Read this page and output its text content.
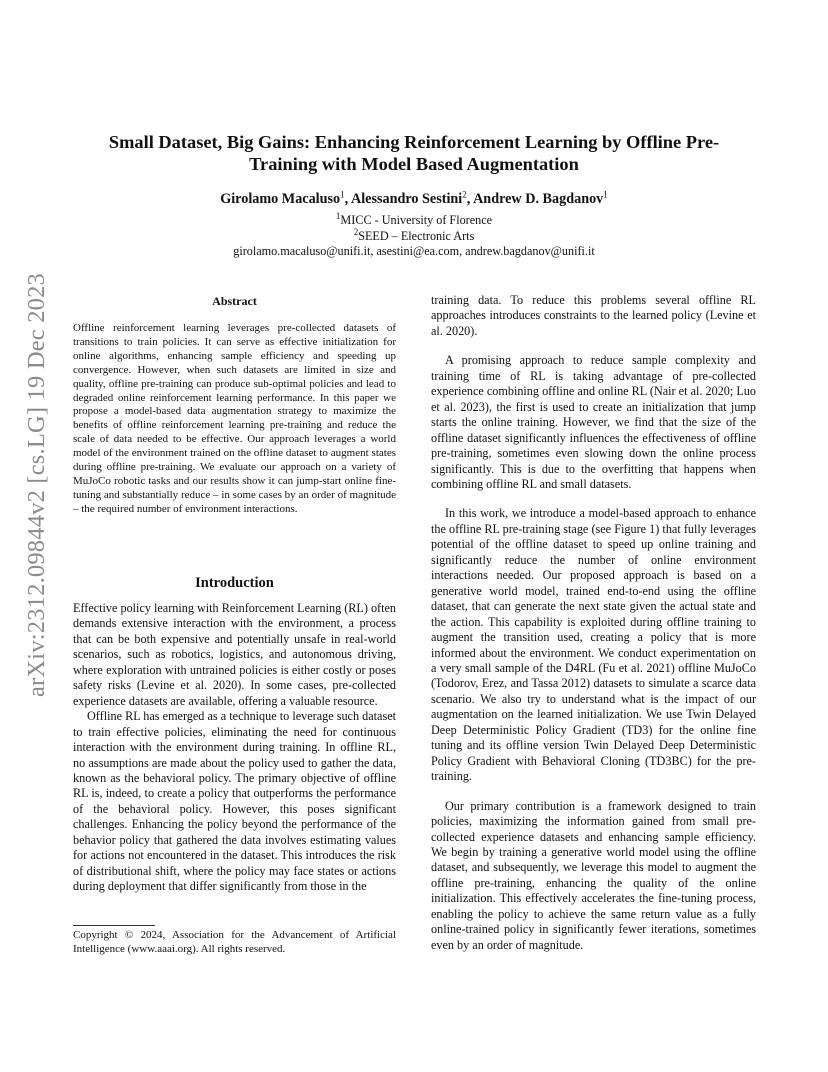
arXiv:2312.09844v2 [cs.LG] 19 Dec 2023
Small Dataset, Big Gains: Enhancing Reinforcement Learning by Offline Pre-Training with Model Based Augmentation
Girolamo Macaluso$^1$, Alessandro Sestini$^2$, Andrew D. Bagdanov$^1$
$^1$MICC - University of Florence
$^2$SEED – Electronic Arts
girolamo.macaluso@unifi.it, asestini@ea.com, andrew.bagdanov@unifi.it
Abstract

Offline reinforcement learning leverages pre-collected datasets of transitions to train policies. It can serve as effective initialization for online algorithms, enhancing sample efficiency and speeding up convergence. However, when such datasets are limited in size and quality, offline pre-training can produce sub-optimal policies and lead to degraded online reinforcement learning performance. In this paper we propose a model-based data augmentation strategy to maximize the benefits of offline reinforcement learning pre-training and reduce the scale of data needed to be effective. Our approach leverages a world model of the environment trained on the offline dataset to augment states during offline pre-training. We evaluate our approach on a variety of MuJoCo robotic tasks and our results show it can jump-start online fine-tuning and substantially reduce – in some cases by an order of magnitude – the required number of environment interactions.

Introduction

Effective policy learning with Reinforcement Learning (RL) often demands extensive interaction with the environment, a process that can be both expensive and potentially unsafe in real-world scenarios, such as robotics, logistics, and autonomous driving, where exploration with untrained policies is either costly or poses safety risks (Levine et al. 2020). In some cases, pre-collected experience datasets are available, offering a valuable resource.

Offline RL has emerged as a technique to leverage such dataset to train effective policies, eliminating the need for continuous interaction with the environment during training. In offline RL, no assumptions are made about the policy used to gather the data, known as the behavioral policy. The primary objective of offline RL is, indeed, to create a policy that outperforms the performance of the behavioral policy. However, this poses significant challenges. Enhancing the policy beyond the performance of the behavior policy that gathered the data involves estimating values for actions not encountered in the dataset. This introduces the risk of distributional shift, where the policy may face states or actions during deployment that differ significantly from those in the

Copyright © 2024, Association for the Advancement of Artificial Intelligence (www.aaai.org). All rights reserved.

training data. To reduce this problems several offline RL approaches introduces constraints to the learned policy (Levine et al. 2020).

A promising approach to reduce sample complexity and training time of RL is taking advantage of pre-collected experience combining offline and online RL (Nair et al. 2020; Luo et al. 2023), the first is used to create an initialization that jump starts the online training. However, we find that the size of the offline dataset significantly influences the effectiveness of offline pre-training, sometimes even slowing down the online process significantly. This is due to the overfitting that happens when combining offline RL and small datasets.

In this work, we introduce a model-based approach to enhance the offline RL pre-training stage (see Figure 1) that fully leverages potential of the offline dataset to speed up online training and significantly reduce the number of online environment interactions needed. Our proposed approach is based on a generative world model, trained end-to-end using the offline dataset, that can generate the next state given the actual state and the action. This capability is exploited during offline training to augment the transition used, creating a policy that is more informed about the environment. We conduct experimentation on a very small sample of the D4RL (Fu et al. 2021) offline MuJoCo (Todorov, Erez, and Tassa 2012) datasets to simulate a scarce data scenario. We also try to understand what is the impact of our augmentation on the learned initialization. We use Twin Delayed Deep Deterministic Policy Gradient (TD3) for the online fine tuning and its offline version Twin Delayed Deep Deterministic Policy Gradient with Behavioral Cloning (TD3BC) for the pre-training.

Our primary contribution is a framework designed to train policies, maximizing the information gained from small pre-collected experience datasets and enhancing sample efficiency. We begin by training a generative world model using the offline dataset, and subsequently, we leverage this model to augment the offline pre-training, enhancing the quality of the online initialization. This effectively accelerates the fine-tuning process, enabling the policy to achieve the same return value as a fully online-trained policy in significantly fewer iterations, sometimes even by an order of magnitude.
